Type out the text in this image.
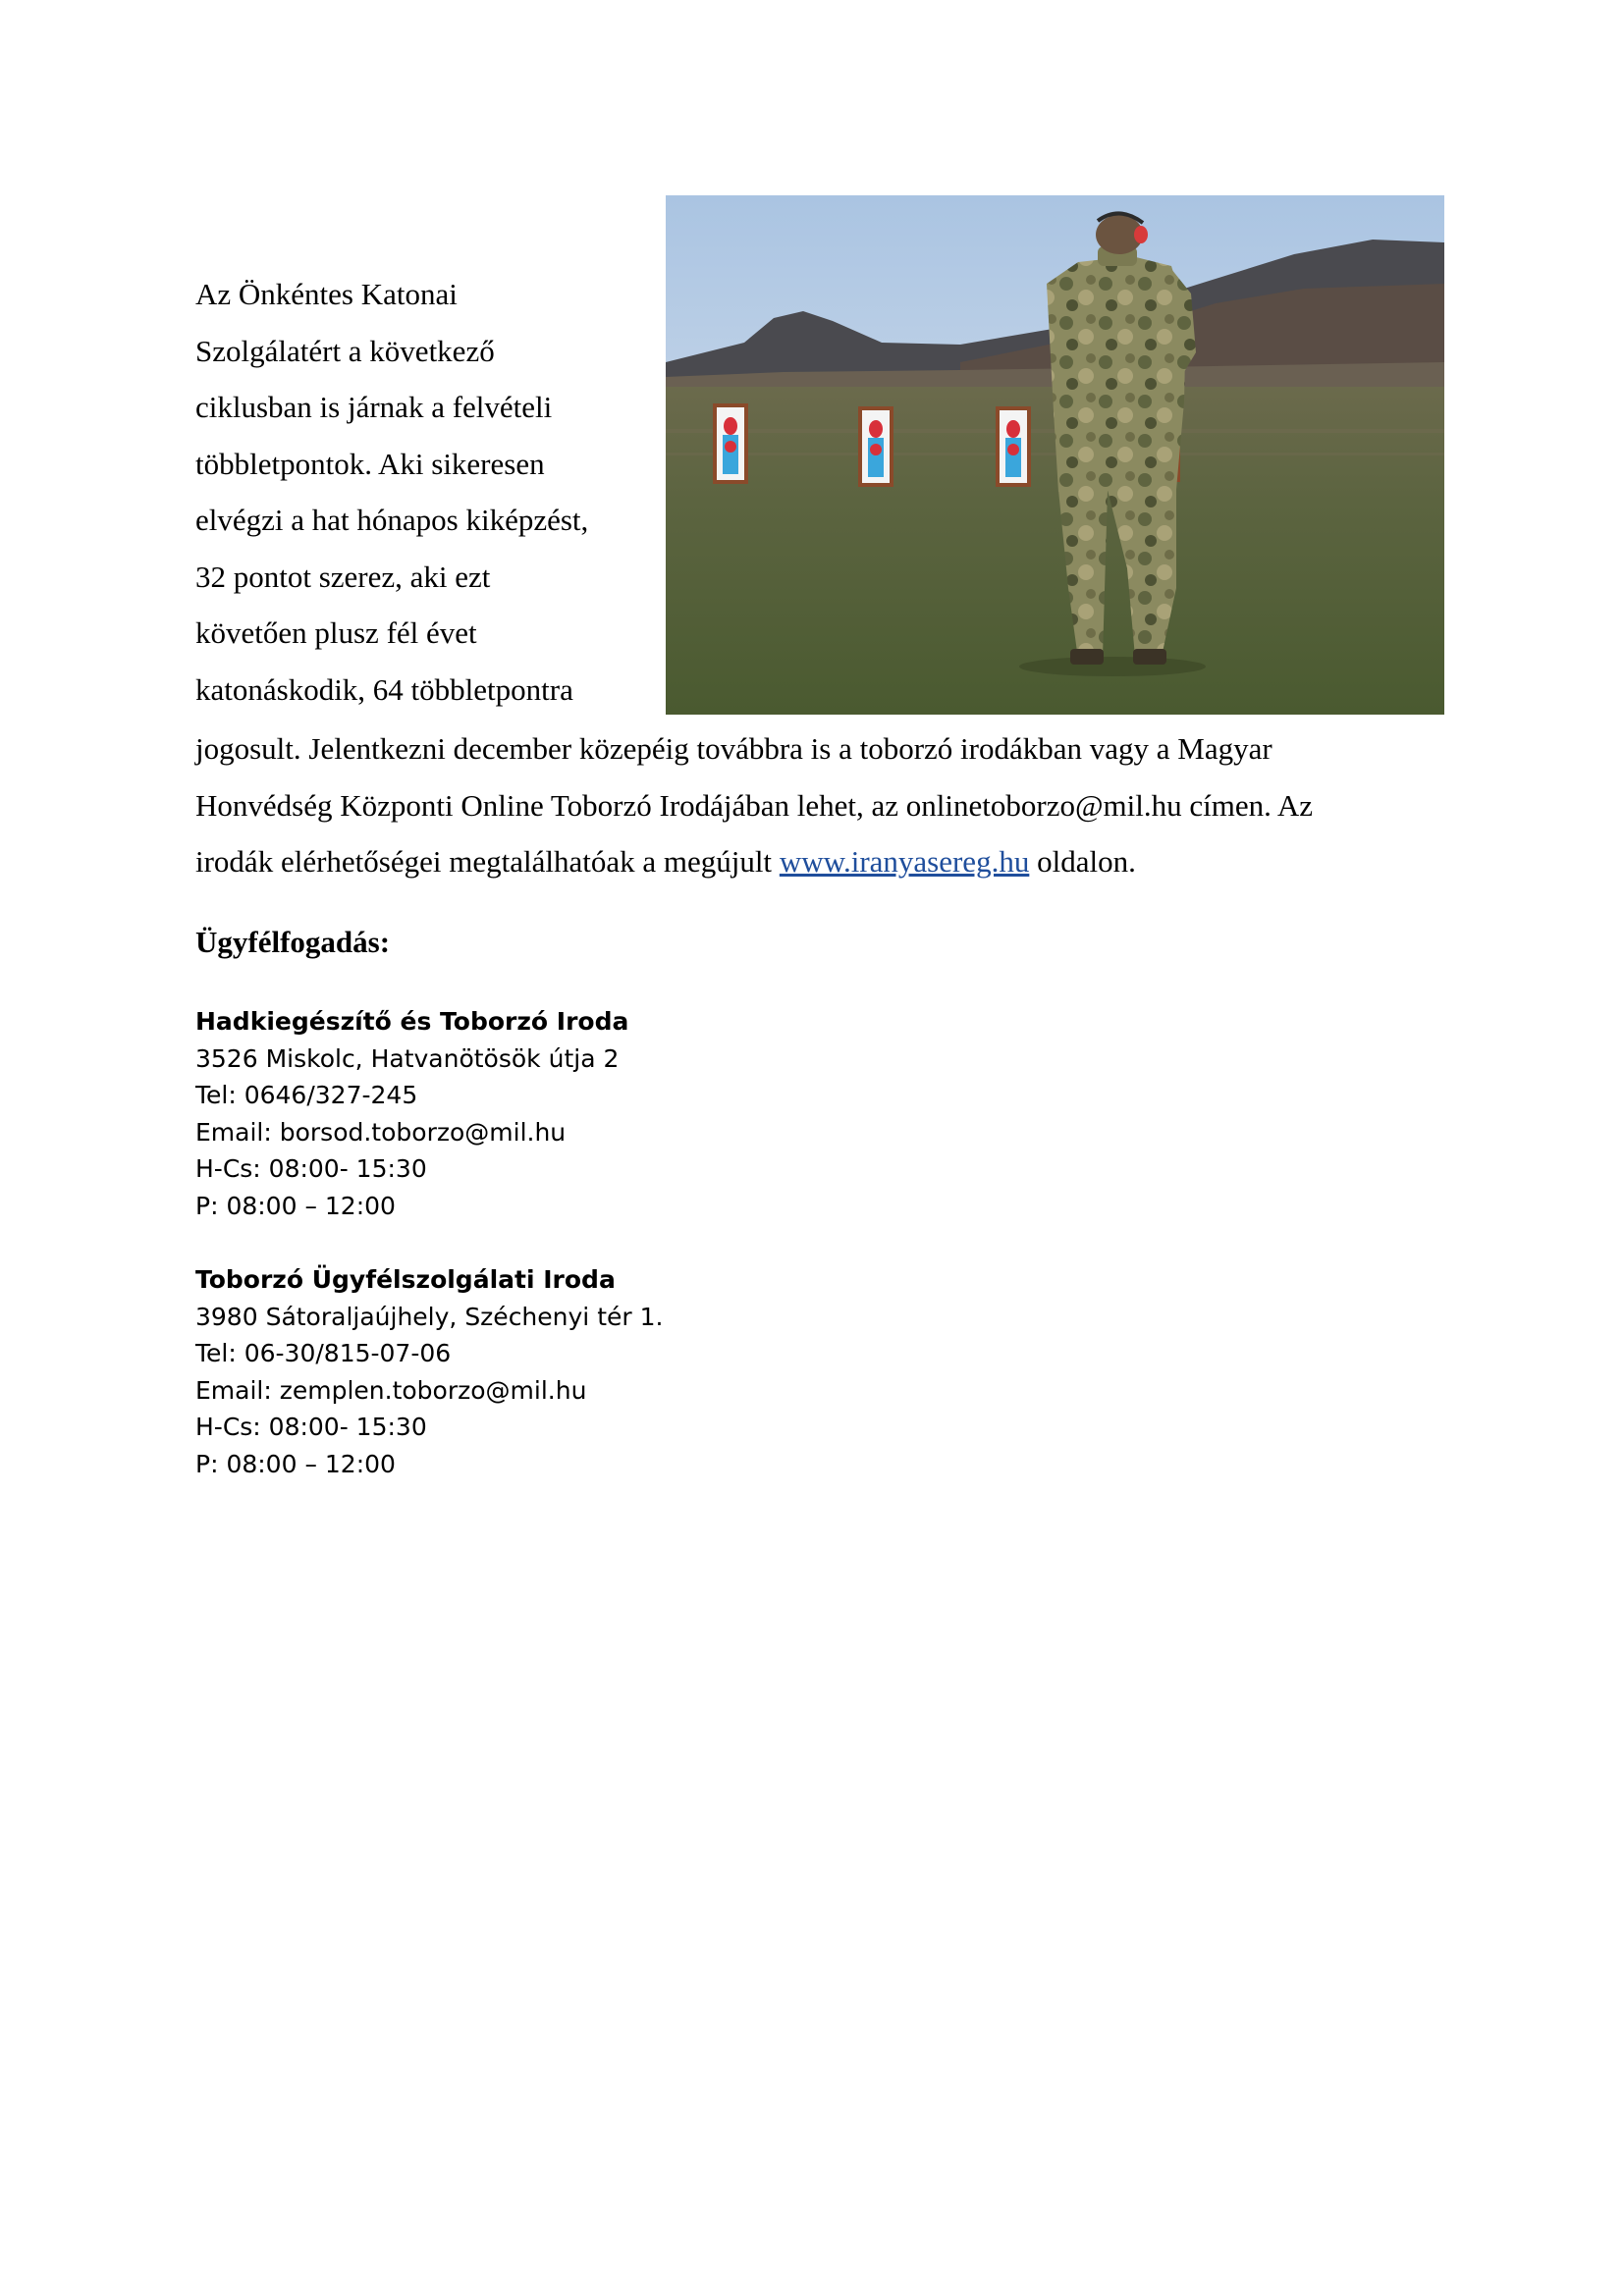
Az Önkéntes Katonai
Szolgálatért a következő
ciklusban is járnak a felvételi
többletpontok. Aki sikeresen
elvégzi a hat hónapos kiképzést,
32 pontot szerez, aki ezt
követően plusz fél évet
katonáskodik, 64 többletpontra
jogosult. Jelentkezni december közepéig továbbra is a toborzó irodákban vagy a Magyar
Honvédség Központi Online Toborzó Irodájában lehet, az onlinetoborzo@mil.hu címen. Az
irodák elérhetőségei megtalálhatóak a megújult www.iranyasereg.hu oldalon.
Ügyfélfogadás:
Hadkiegészítő és Toborzó Iroda
3526 Miskolc, Hatvanötösök útja 2
Tel: 0646/327-245
Email: borsod.toborzo@mil.hu
H-Cs: 08:00- 15:30
P: 08:00 – 12:00
Toborzó Ügyfélszolgálati Iroda
3980 Sátoraljaújhely, Széchenyi tér 1.
Tel: 06-30/815-07-06
Email: zemplen.toborzo@mil.hu
H-Cs: 08:00- 15:30
P: 08:00 – 12:00
